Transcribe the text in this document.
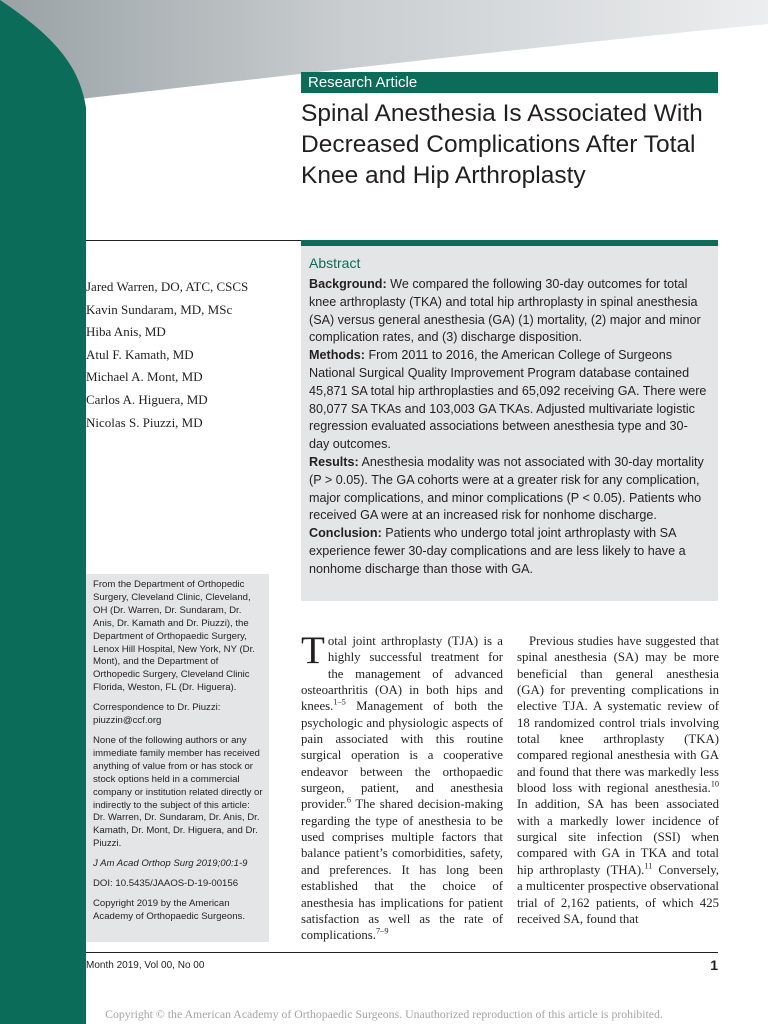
Research Article
Spinal Anesthesia Is Associated With Decreased Complications After Total Knee and Hip Arthroplasty
Abstract

Background: We compared the following 30-day outcomes for total knee arthroplasty (TKA) and total hip arthroplasty in spinal anesthesia (SA) versus general anesthesia (GA) (1) mortality, (2) major and minor complication rates, and (3) discharge disposition.

Methods: From 2011 to 2016, the American College of Surgeons National Surgical Quality Improvement Program database contained 45,871 SA total hip arthroplasties and 65,092 receiving GA. There were 80,077 SA TKAs and 103,003 GA TKAs. Adjusted multivariate logistic regression evaluated associations between anesthesia type and 30-day outcomes.

Results: Anesthesia modality was not associated with 30-day mortality (P > 0.05). The GA cohorts were at a greater risk for any complication, major complications, and minor complications (P < 0.05). Patients who received GA were at an increased risk for nonhome discharge.

Conclusion: Patients who undergo total joint arthroplasty with SA experience fewer 30-day complications and are less likely to have a nonhome discharge than those with GA.

Jared Warren, DO, ATC, CSCS
Kavin Sundaram, MD, MSc
Hiba Anis, MD
Atul F. Kamath, MD
Michael A. Mont, MD
Carlos A. Higuera, MD
Nicolas S. Piuzzi, MD

From the Department of Orthopedic Surgery, Cleveland Clinic, Cleveland, OH (Dr. Warren, Dr. Sundaram, Dr. Anis, Dr. Kamath and Dr. Piuzzi), the Department of Orthopaedic Surgery, Lenox Hill Hospital, New York, NY (Dr. Mont), and the Department of Orthopedic Surgery, Cleveland Clinic Florida, Weston, FL (Dr. Higuera).

Correspondence to Dr. Piuzzi: piuzzin@ccf.org

None of the following authors or any immediate family member has received anything of value from or has stock or stock options held in a commercial company or institution related directly or indirectly to the subject of this article: Dr. Warren, Dr. Sundaram, Dr. Anis, Dr. Kamath, Dr. Mont, Dr. Higuera, and Dr. Piuzzi.

J Am Acad Orthop Surg 2019;00:1-9

DOI: 10.5435/JAAOS-D-19-00156

Copyright 2019 by the American Academy of Orthopaedic Surgeons.

Total joint arthroplasty (TJA) is a highly successful treatment for the management of advanced osteoarthritis (OA) in both hips and knees.$^{1-5}$ Management of both the psychologic and physiologic aspects of pain associated with this routine surgical operation is a cooperative endeavor between the orthopaedic surgeon, patient, and anesthesia provider.$^6$ The shared decision-making regarding the type of anesthesia to be used comprises multiple factors that balance patient’s comorbidities, safety, and preferences. It has long been established that the choice of anesthesia has implications for patient satisfaction as well as the rate of complications.$^{7-9}$

Previous studies have suggested that spinal anesthesia (SA) may be more beneficial than general anesthesia (GA) for preventing complications in elective TJA. A systematic review of 18 randomized control trials involving total knee arthroplasty (TKA) compared regional anesthesia with GA and found that there was markedly less blood loss with regional anesthesia.$^{10}$ In addition, SA has been associated with a markedly lower incidence of surgical site infection (SSI) when compared with GA in TKA and total hip arthroplasty (THA).$^{11}$ Conversely, a multicenter prospective observational trial of 2,162 patients, of which 425 received SA, found that

Month 2019, Vol 00, No 00	1
Copyright © the American Academy of Orthopaedic Surgeons. Unauthorized reproduction of this article is prohibited.
